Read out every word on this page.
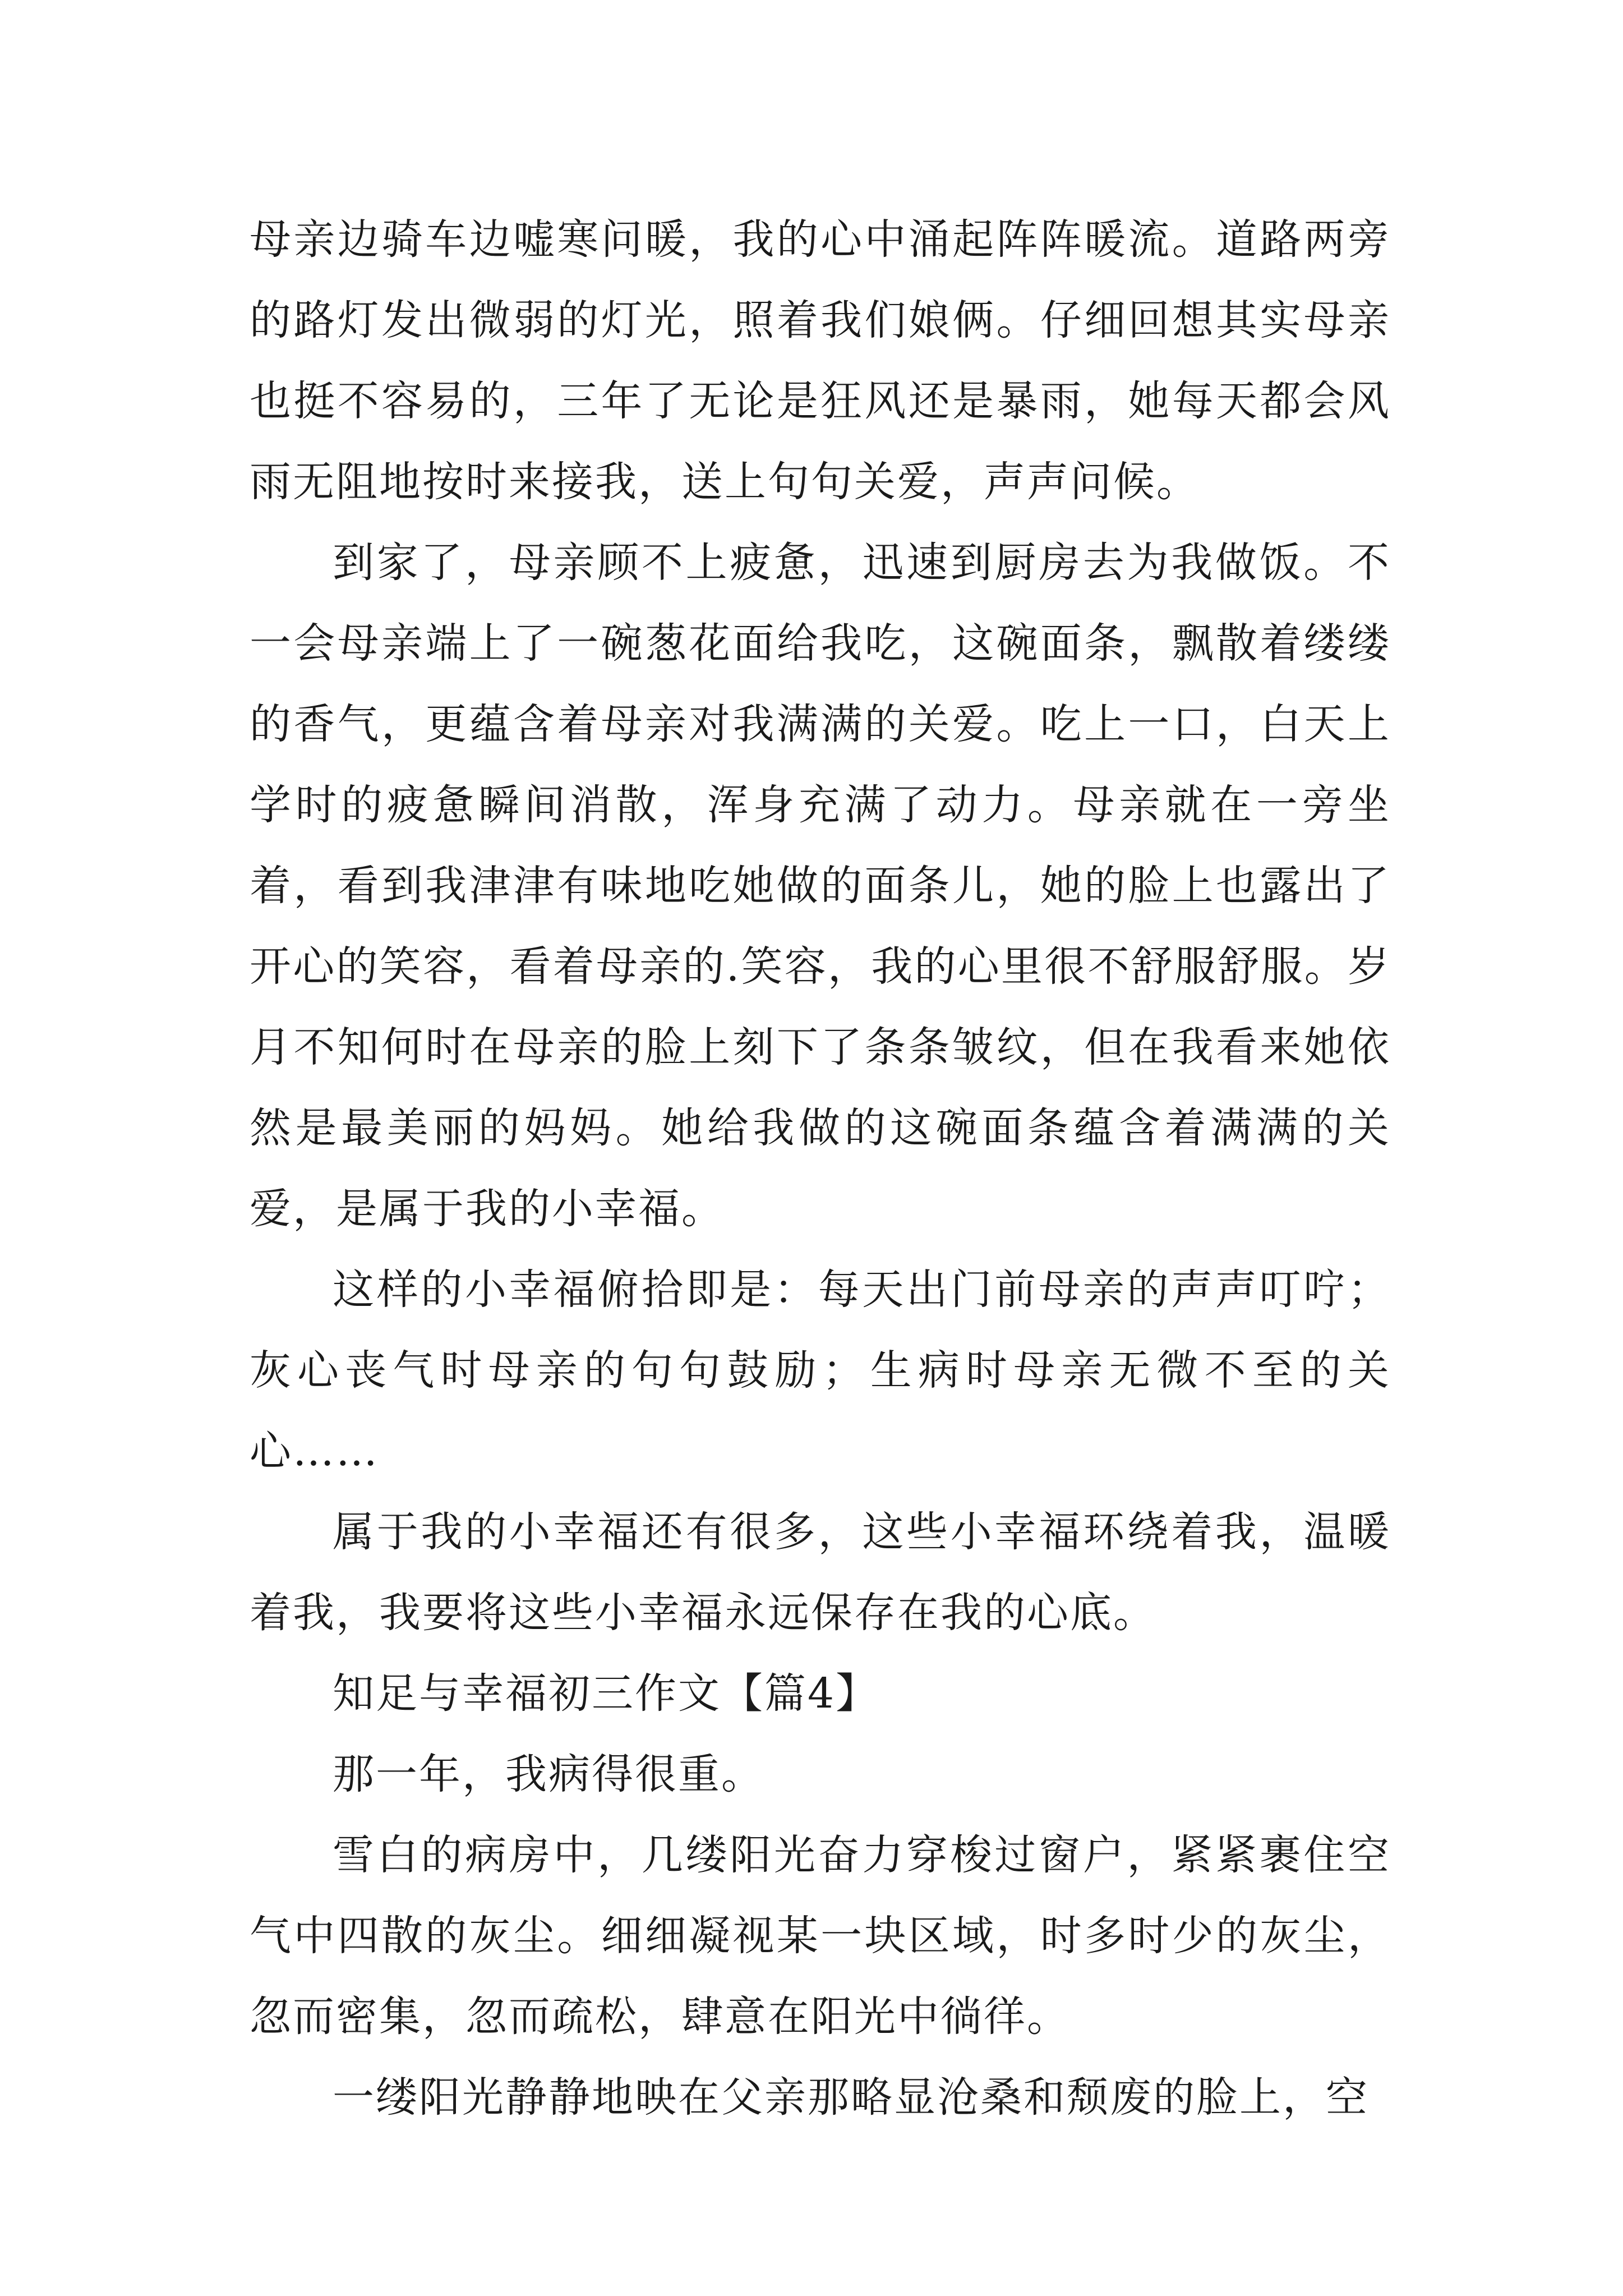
母亲边骑车边嘘寒问暖，我的心中涌起阵阵暖流。道路两旁的路灯发出微弱的灯光，照着我们娘俩。仔细回想其实母亲也挺不容易的，三年了无论是狂风还是暴雨，她每天都会风雨无阻地按时来接我，送上句句关爱，声声问候。

到家了，母亲顾不上疲惫，迅速到厨房去为我做饭。不一会母亲端上了一碗葱花面给我吃，这碗面条，飘散着缕缕的香气，更蕴含着母亲对我满满的关爱。吃上一口，白天上学时的疲惫瞬间消散，浑身充满了动力。母亲就在一旁坐着，看到我津津有味地吃她做的面条儿，她的脸上也露出了开心的笑容，看着母亲的.笑容，我的心里很不舒服舒服。岁月不知何时在母亲的脸上刻下了条条皱纹，但在我看来她依然是最美丽的妈妈。她给我做的这碗面条蕴含着满满的关爱，是属于我的小幸福。

这样的小幸福俯拾即是：每天出门前母亲的声声叮咛；灰心丧气时母亲的句句鼓励；生病时母亲无微不至的关心……

属于我的小幸福还有很多，这些小幸福环绕着我，温暖着我，我要将这些小幸福永远保存在我的心底。

知足与幸福初三作文【篇4】

那一年，我病得很重。

雪白的病房中，几缕阳光奋力穿梭过窗户，紧紧裹住空气中四散的灰尘。细细凝视某一块区域，时多时少的灰尘，忽而密集，忽而疏松，肆意在阳光中徜徉。

一缕阳光静静地映在父亲那略显沧桑和颓废的脸上，空
